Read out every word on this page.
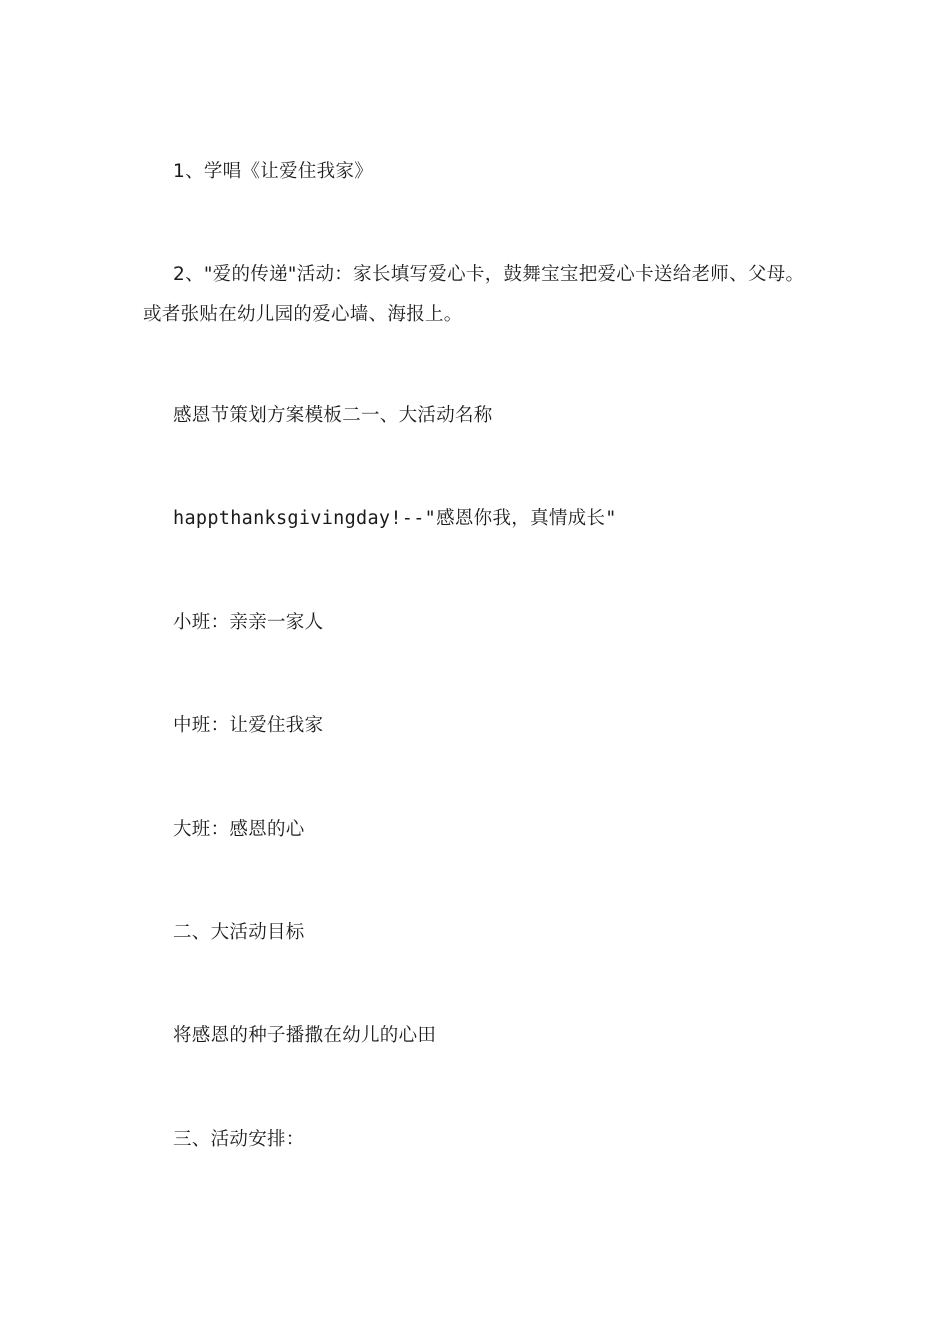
1、学唱《让爱住我家》

2、"爱的传递"活动：家长填写爱心卡，鼓舞宝宝把爱心卡送给老师、父母。或者张贴在幼儿园的爱心墙、海报上。

感恩节策划方案模板二一、大活动名称

happthanksgivingday!--"感恩你我，真情成长"

小班：亲亲一家人

中班：让爱住我家

大班：感恩的心

二、大活动目标

将感恩的种子播撒在幼儿的心田

三、活动安排：
